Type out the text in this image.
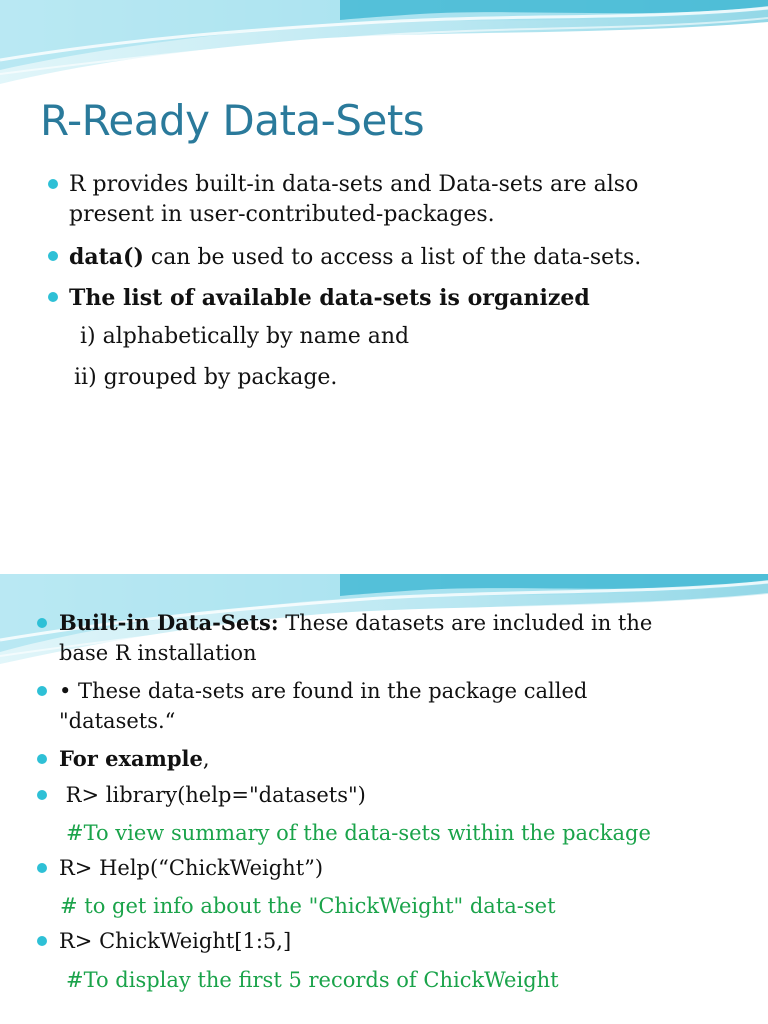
R-Ready Data-Sets
R provides built-in data-sets and Data-sets are also present in user-contributed-packages.
data() can be used to access a list of the data-sets.
The list of available data-sets is organized
i) alphabetically by name and
ii) grouped by package.
Built-in Data-Sets: These datasets are included in the base R installation
• These data-sets are found in the package called "datasets.“
For example,
R> library(help="datasets")
#To view summary of the data-sets within the package
R> Help(“ChickWeight”)
# to get info about the "ChickWeight" data-set
R> ChickWeight[1:5,]
#To display the first 5 records of ChickWeight
